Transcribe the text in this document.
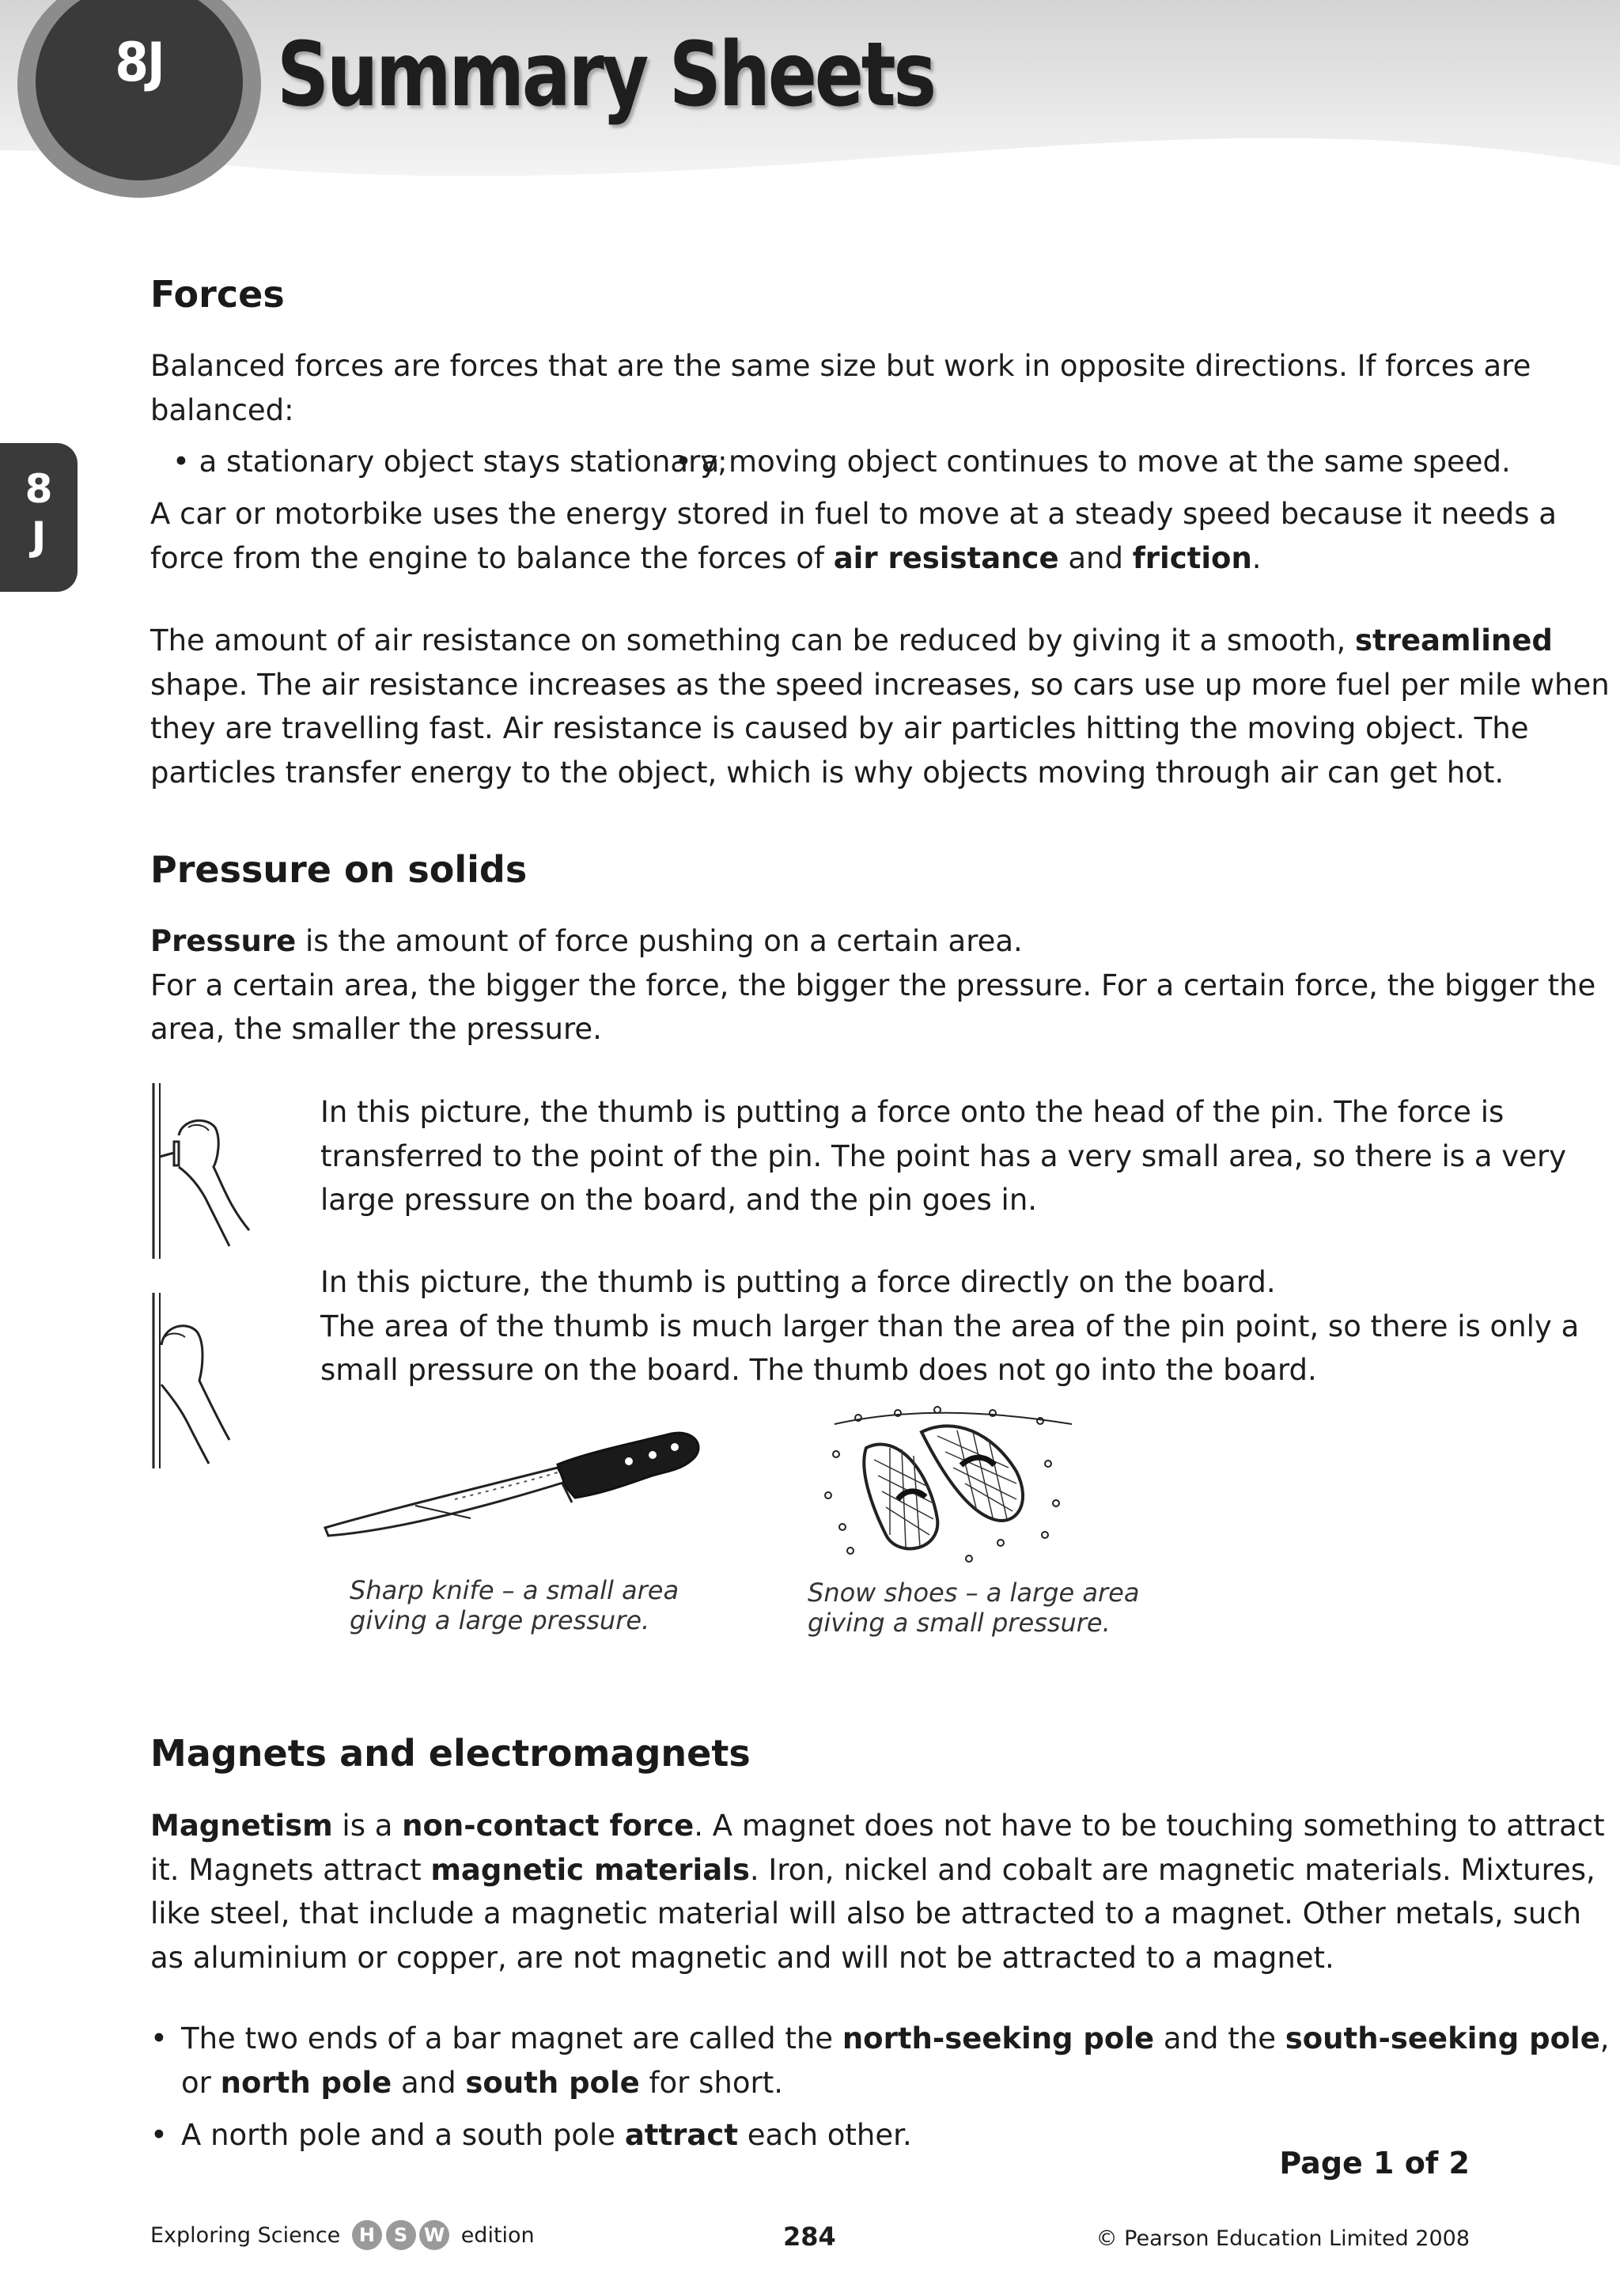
8J	Summary Sheets
8
J
Forces
Balanced forces are forces that are the same size but work in opposite directions. If forces are
balanced:
• a stationary object stays stationary;
• a moving object continues to move at the same speed.
A car or motorbike uses the energy stored in fuel to move at a steady speed because it needs a
force from the engine to balance the forces of air resistance and friction.
The amount of air resistance on something can be reduced by giving it a smooth, streamlined
shape. The air resistance increases as the speed increases, so cars use up more fuel per mile when
they are travelling fast. Air resistance is caused by air particles hitting the moving object. The
particles transfer energy to the object, which is why objects moving through air can get hot.
Pressure on solids
Pressure is the amount of force pushing on a certain area.
For a certain area, the bigger the force, the bigger the pressure. For a certain force, the bigger the
area, the smaller the pressure.
In this picture, the thumb is putting a force onto the head of the pin. The force is
transferred to the point of the pin. The point has a very small area, so there is a very
large pressure on the board, and the pin goes in.
In this picture, the thumb is putting a force directly on the board.
The area of the thumb is much larger than the area of the pin point, so there is only a
small pressure on the board. The thumb does not go into the board.
Sharp knife – a small area
giving a large pressure.
Snow shoes – a large area
giving a small pressure.
Magnets and electromagnets
Magnetism is a non-contact force. A magnet does not have to be touching something to attract
it. Magnets attract magnetic materials. Iron, nickel and cobalt are magnetic materials. Mixtures,
like steel, that include a magnetic material will also be attracted to a magnet. Other metals, such
as aluminium or copper, are not magnetic and will not be attracted to a magnet.
• The two ends of a bar magnet are called the north-seeking pole and the south-seeking pole,
or north pole and south pole for short.
• A north pole and a south pole attract each other.
Page 1 of 2
Exploring Science H S W edition	284	© Pearson Education Limited 2008
